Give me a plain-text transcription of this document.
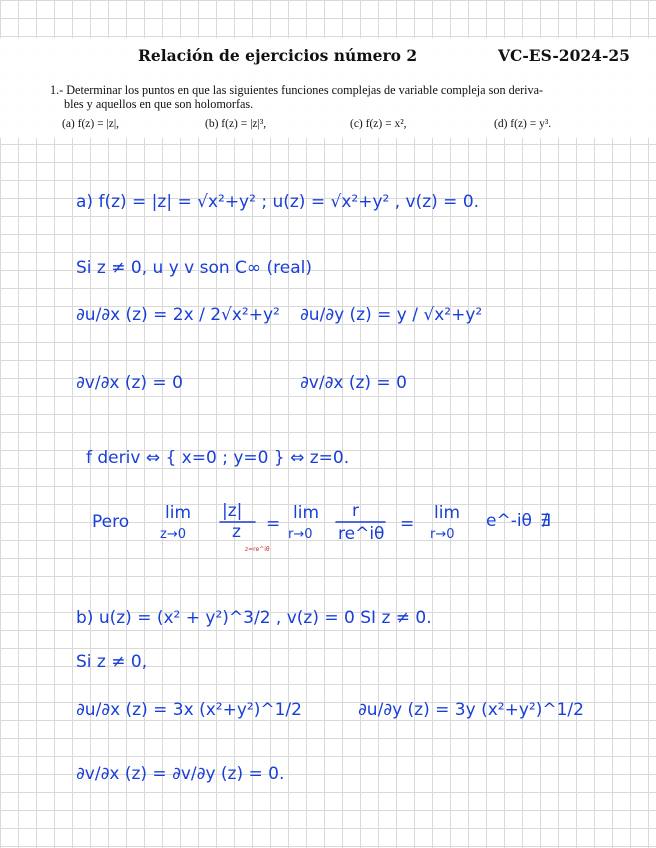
Relación de ejercicios número 2	VC-ES-2024-25
1.- Determinar los puntos en que las siguientes funciones complejas de variable compleja son deriva-
bles y aquellos en que son holomorfas.
(a) f(z) = |z|,	(b) f(z) = |z|³,	(c) f(z) = x²,	(d) f(z) = y³.
a) f(z) = |z| = √x²+y² ; u(z) = √x²+y² , v(z) = 0.
Si z ≠ 0, u y v son C∞ (real)
∂u/∂x (z) = 2x / 2√x²+y² ∂u/∂y (z) = y / √x²+y²
∂v/∂x (z) = 0	∂v/∂x (z) = 0
f deriv ⇔ { x=0 ; y=0 } ⇔ z=0.
Pero lim
z→0
|z|
z
z=re^iθ
=
lim
r→0
r
re^iθ =
lim
r→0
e^-iθ ∄
b) u(z) = (x² + y²)^3/2 , v(z) = 0 SI z ≠ 0.
Si z ≠ 0,
∂u/∂x (z) = 3x (x²+y²)^1/2	∂u/∂y (z) = 3y (x²+y²)^1/2
∂v/∂x (z) = ∂v/∂y (z) = 0.
